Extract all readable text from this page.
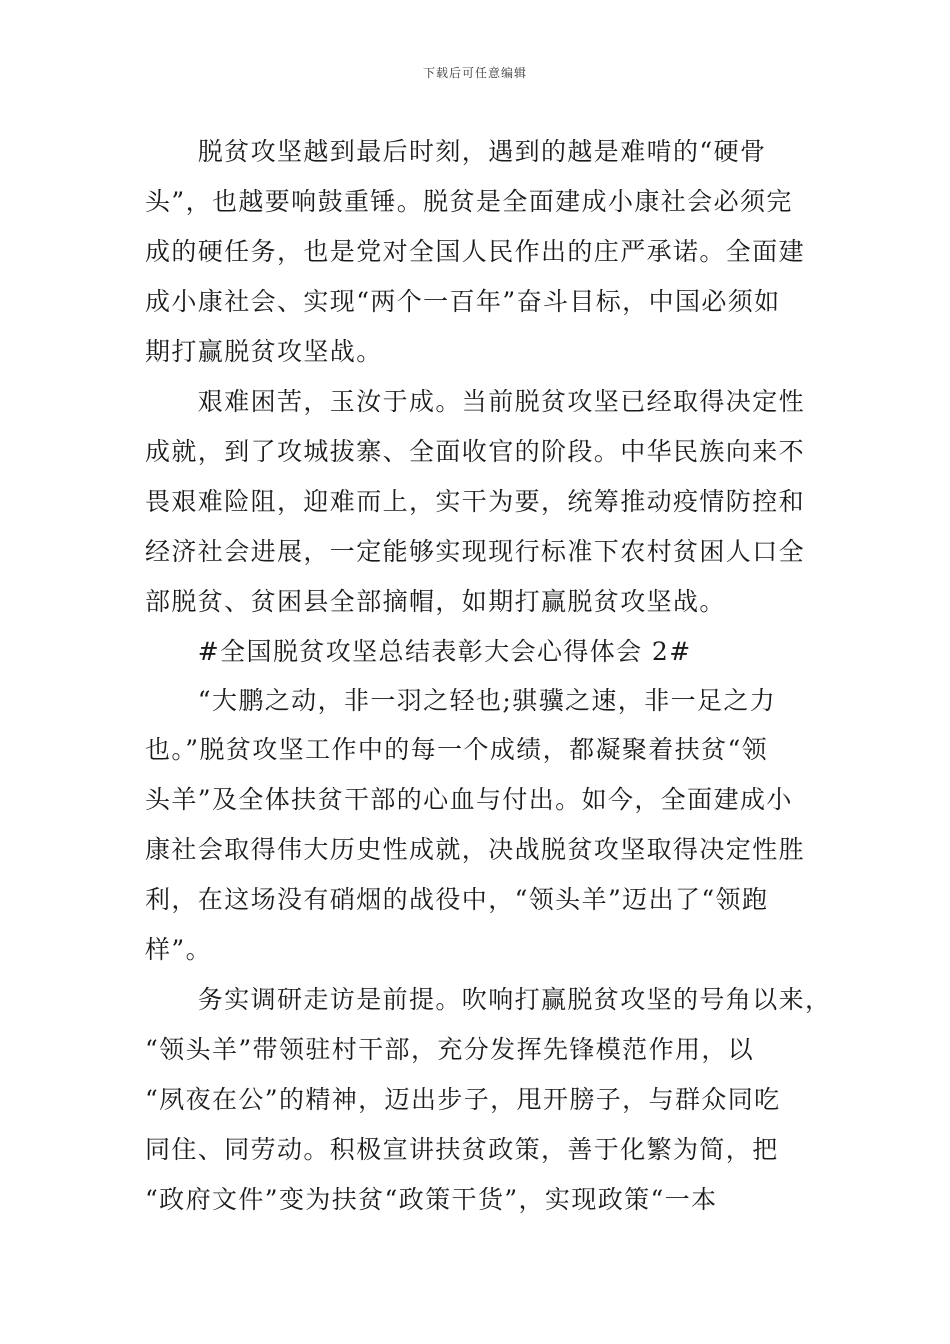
下载后可任意编辑
　　脱贫攻坚越到最后时刻，遇到的越是难啃的“硬骨
头”，也越要响鼓重锤。脱贫是全面建成小康社会必须完
成的硬任务，也是党对全国人民作出的庄严承诺。全面建
成小康社会、实现“两个一百年”奋斗目标，中国必须如
期打赢脱贫攻坚战。
　　艰难困苦，玉汝于成。当前脱贫攻坚已经取得决定性
成就，到了攻城拔寨、全面收官的阶段。中华民族向来不
畏艰难险阻，迎难而上，实干为要，统筹推动疫情防控和
经济社会进展，一定能够实现现行标准下农村贫困人口全
部脱贫、贫困县全部摘帽，如期打赢脱贫攻坚战。
　　#全国脱贫攻坚总结表彰大会心得体会 2#
　　“大鹏之动，非一羽之轻也;骐骥之速，非一足之力
也。”脱贫攻坚工作中的每一个成绩，都凝聚着扶贫“领
头羊”及全体扶贫干部的心血与付出。如今，全面建成小
康社会取得伟大历史性成就，决战脱贫攻坚取得决定性胜
利，在这场没有硝烟的战役中，“领头羊”迈出了“领跑
样”。
　　务实调研走访是前提。吹响打赢脱贫攻坚的号角以来，
“领头羊”带领驻村干部，充分发挥先锋模范作用，以
“夙夜在公”的精神，迈出步子，甩开膀子，与群众同吃
同住、同劳动。积极宣讲扶贫政策，善于化繁为简，把
“政府文件”变为扶贫“政策干货”，实现政策“一本
